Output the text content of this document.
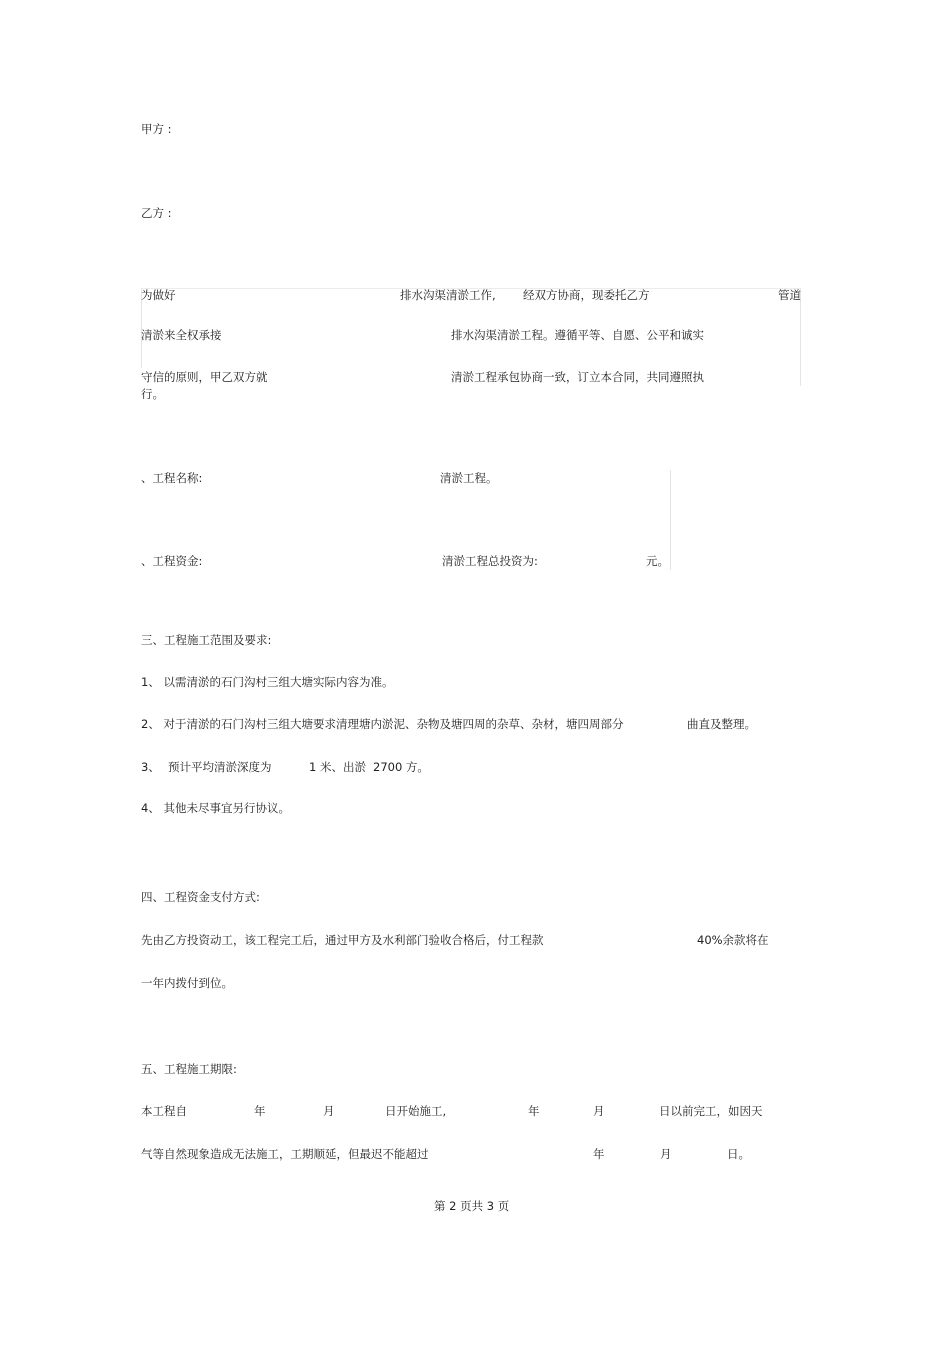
甲方 :
乙方 :
为做好	排水沟渠清淤工作, 经双方协商，现委托乙方	管道
清淤来全权承接	排水沟渠清淤工程。遵循平等、自愿、公平和诚实
守信的原则，甲乙双方就	清淤工程承包协商一致，订立本合同，共同遵照执
行。
、工程名称:	清淤工程。
、工程资金:	清淤工程总投资为:	元。
三、工程施工范围及要求:
1、 以需清淤的石门沟村三组大塘实际内容为准。
2、 对于清淤的石门沟村三组大塘要求清理塘内淤泥、杂物及塘四周的杂草、杂材，塘四周部分	曲直及整理。
3、 预计平均清淤深度为	1 米、出淤 2700 方。
4、 其他未尽事宜另行协议。
四、工程资金支付方式:
先由乙方投资动工，该工程完工后，通过甲方及水利部门验收合格后，付工程款	40%余款将在
一年内拨付到位。
五、工程施工期限:
本工程自	年	月	日开始施工,	年	月	日以前完工，如因天
气等自然现象造成无法施工，工期顺延，但最迟不能超过	年	月	日。
第 2 页共 3 页
